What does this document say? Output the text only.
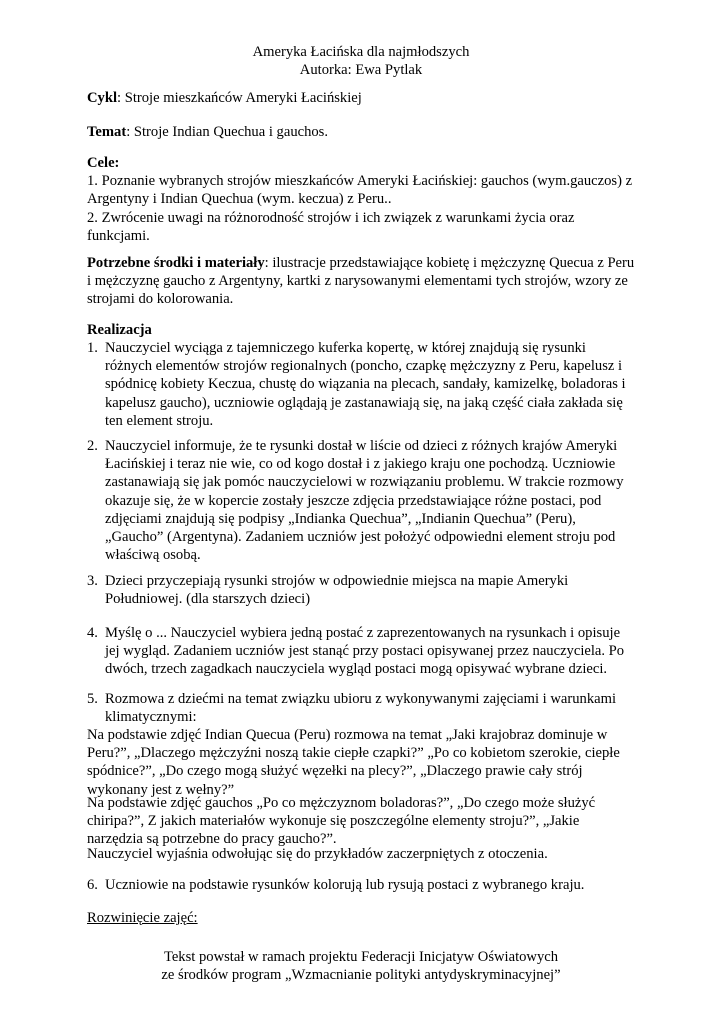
Ameryka Łacińska dla najmłodszych
Autorka: Ewa Pytlak
Cykl: Stroje mieszkańców Ameryki Łacińskiej
Temat: Stroje Indian Quechua i gauchos.
Cele:
1. Poznanie wybranych strojów mieszkańców Ameryki Łacińskiej: gauchos (wym.gauczos) z Argentyny i Indian Quechua (wym. keczua) z Peru..
2. Zwrócenie uwagi na różnorodność strojów i ich związek z warunkami życia oraz funkcjami.
Potrzebne środki i materiały: ilustracje przedstawiające kobietę i mężczyznę Quecua z Peru i mężczyznę gaucho z Argentyny, kartki z narysowanymi elementami tych strojów, wzory ze strojami do kolorowania.
Realizacja
1. Nauczyciel wyciąga z tajemniczego kuferka kopertę, w której znajdują się rysunki różnych elementów strojów regionalnych (poncho, czapkę mężczyzny z Peru, kapelusz i spódnicę kobiety Keczua, chustę do wiązania na plecach, sandały, kamizelkę, boladoras i kapelusz gaucho), uczniowie oglądają je zastanawiają się, na jaką część ciała zakłada się ten element stroju.
2. Nauczyciel informuje, że te rysunki dostał w liście od dzieci z różnych krajów Ameryki Łacińskiej i teraz nie wie, co od kogo dostał i z jakiego kraju one pochodzą. Uczniowie zastanawiają się jak pomóc nauczycielowi w rozwiązaniu problemu. W trakcie rozmowy okazuje się, że w kopercie zostały jeszcze zdjęcia przedstawiające różne postaci, pod zdjęciami znajdują się podpisy „Indianka Quechua”, „Indianin Quechua” (Peru), „Gaucho” (Argentyna). Zadaniem uczniów jest położyć odpowiedni element stroju pod właściwą osobą.
3. Dzieci przyczepiają rysunki strojów w odpowiednie miejsca na mapie Ameryki Południowej. (dla starszych dzieci)
4. Myślę o ... Nauczyciel wybiera jedną postać z zaprezentowanych na rysunkach i opisuje jej wygląd. Zadaniem uczniów jest stanąć przy postaci opisywanej przez nauczyciela. Po dwóch, trzech zagadkach nauczyciela wygląd postaci mogą opisywać wybrane dzieci.
5. Rozmowa z dziećmi na temat związku ubioru z wykonywanymi zajęciami i warunkami klimatycznymi:
Na podstawie zdjęć Indian Quecua (Peru) rozmowa na temat „Jaki krajobraz dominuje w Peru?”, „Dlaczego mężczyźni noszą takie ciepłe czapki?” „Po co kobietom szerokie, ciepłe spódnice?”, „Do czego mogą służyć węzełki na plecy?”, „Dlaczego prawie cały strój wykonany jest z wełny?”
Na podstawie zdjęć gauchos „Po co mężczyznom boladoras?”, „Do czego może służyć chiripa?”, Z jakich materiałów wykonuje się poszczególne elementy stroju?”, „Jakie narzędzia są potrzebne do pracy gaucho?”.
Nauczyciel wyjaśnia odwołując się do przykładów zaczerpniętych z otoczenia.
6. Uczniowie na podstawie rysunków kolorują lub rysują postaci z wybranego kraju.
Rozwinięcie zajęć:
Tekst powstał w ramach projektu Federacji Inicjatyw Oświatowych
ze środków program „Wzmacnianie polityki antydyskryminacyjnej”
